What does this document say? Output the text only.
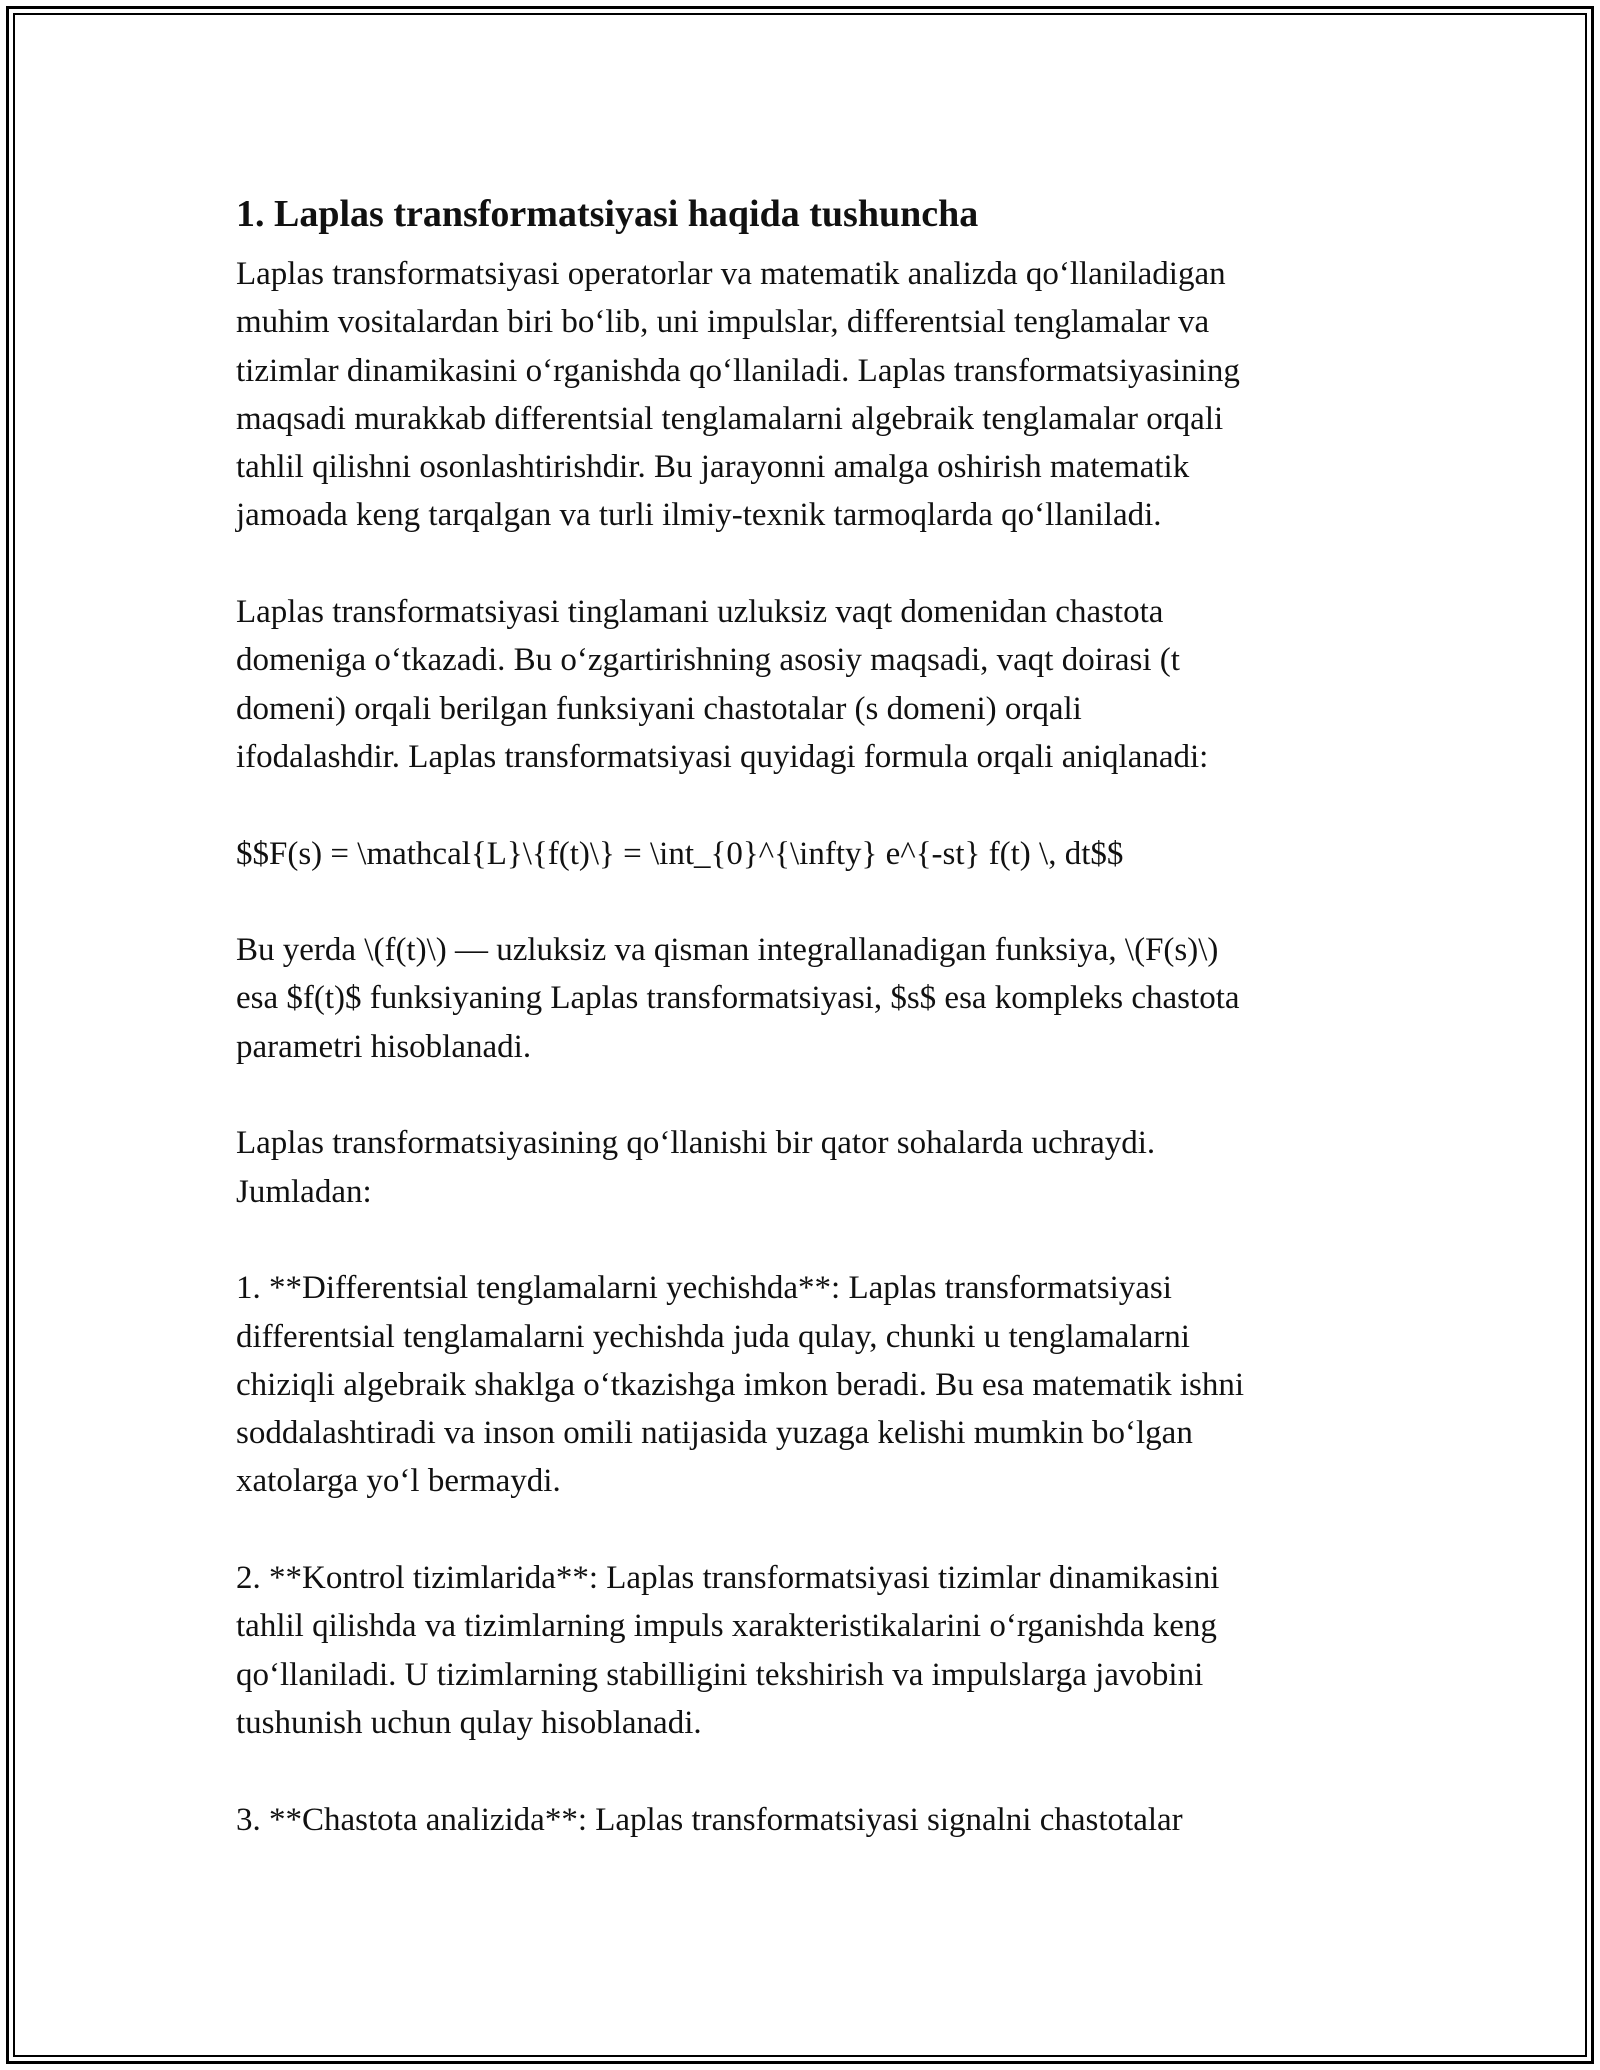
1. Laplas transformatsiyasi haqida tushuncha
Laplas transformatsiyasi operatorlar va matematik analizda qo‘llaniladigan
muhim vositalardan biri bo‘lib, uni impulslar, differentsial tenglamalar va
tizimlar dinamikasini o‘rganishda qo‘llaniladi. Laplas transformatsiyasining
maqsadi murakkab differentsial tenglamalarni algebraik tenglamalar orqali
tahlil qilishni osonlashtirishdir. Bu jarayonni amalga oshirish matematik
jamoada keng tarqalgan va turli ilmiy-texnik tarmoqlarda qo‘llaniladi.
Laplas transformatsiyasi tinglamani uzluksiz vaqt domenidan chastota
domeniga o‘tkazadi. Bu o‘zgartirishning asosiy maqsadi, vaqt doirasi (t
domeni) orqali berilgan funksiyani chastotalar (s domeni) orqali
ifodalashdir. Laplas transformatsiyasi quyidagi formula orqali aniqlanadi:
$$F(s) = \mathcal{L}\{f(t)\} = \int_{0}^{\infty} e^{-st} f(t) \, dt$$
Bu yerda \(f(t)\) — uzluksiz va qisman integrallanadigan funksiya, \(F(s)\)
esa $f(t)$ funksiyaning Laplas transformatsiyasi, $s$ esa kompleks chastota
parametri hisoblanadi.
Laplas transformatsiyasining qo‘llanishi bir qator sohalarda uchraydi.
Jumladan:
1. **Differentsial tenglamalarni yechishda**: Laplas transformatsiyasi
differentsial tenglamalarni yechishda juda qulay, chunki u tenglamalarni
chiziqli algebraik shaklga o‘tkazishga imkon beradi. Bu esa matematik ishni
soddalashtiradi va inson omili natijasida yuzaga kelishi mumkin bo‘lgan
xatolarga yo‘l bermaydi.
2. **Kontrol tizimlarida**: Laplas transformatsiyasi tizimlar dinamikasini
tahlil qilishda va tizimlarning impuls xarakteristikalarini o‘rganishda keng
qo‘llaniladi. U tizimlarning stabilligini tekshirish va impulslarga javobini
tushunish uchun qulay hisoblanadi.
3. **Chastota analizida**: Laplas transformatsiyasi signalni chastotalar
